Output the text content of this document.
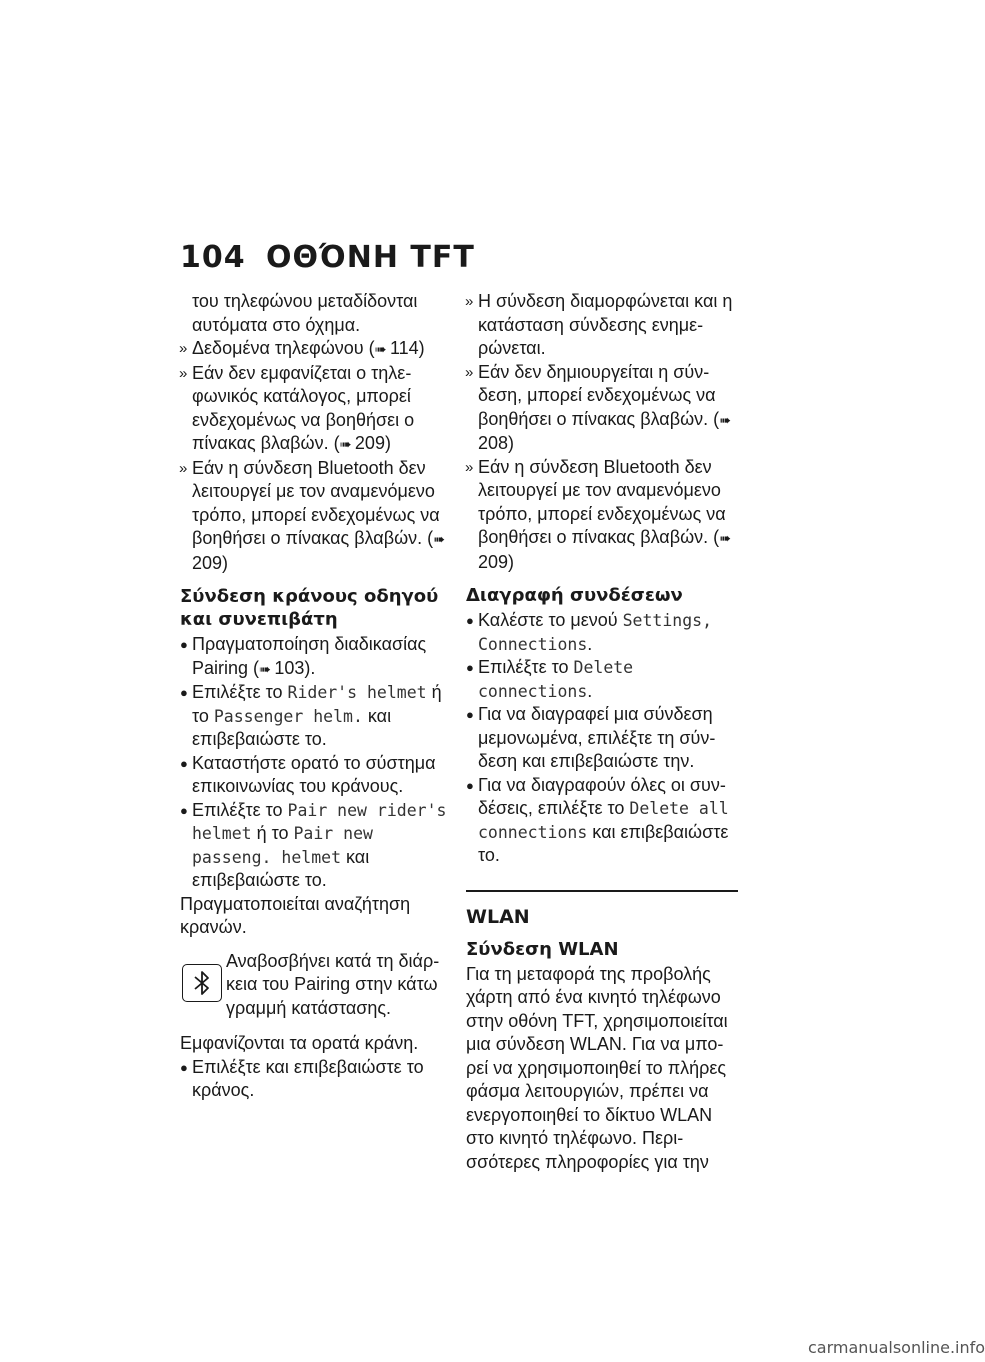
104 ΟΘΌΝΗ TFT

του τηλεφώνου μεταδίδονται αυτόματα στο όχημα.

» Δεδομένα τηλεφώνου (➠  114)
» Εάν δεν εμφανίζεται ο τηλεφωνικός κατάλογος, μπορεί ενδεχομένως να βοηθήσει ο πίνακας βλαβών. (➠  209)
» Εάν η σύνδεση Bluetooth δεν λειτουργεί με τον αναμενόμενο τρόπο, μπορεί ενδεχομένως να βοηθήσει ο πίνακας βλαβών. (➠ 209)
Σύνδεση κράνους οδηγού και συνεπιβάτη
● Πραγματοποίηση διαδικασίας Pairing (➠  103).
● Επιλέξτε το Rider's helmet ή το Passenger helm. και επιβεβαιώστε το.
● Καταστήστε ορατό το σύστημα επικοινωνίας του κράνους.
● Επιλέξτε το Pair new rider's helmet ή το Pair new passeng. helmet και επιβεβαιώστε το.

Πραγματοποιείται αναζήτηση κρανών.

Αναβοσβήνει κατά τη διάρκεια του Pairing στην κάτω γραμμή κατάστασης.

Εμφανίζονται τα ορατά κράνη.

● Επιλέξτε και επιβεβαιώστε το κράνος.
» Η σύνδεση διαμορφώνεται και η κατάσταση σύνδεσης ενημερώνεται.
» Εάν δεν δημιουργείται η σύνδεση, μπορεί ενδεχομένως να βοηθήσει ο πίνακας βλαβών. (➠ 208)
» Εάν η σύνδεση Bluetooth δεν λειτουργεί με τον αναμενόμενο τρόπο, μπορεί ενδεχομένως να βοηθήσει ο πίνακας βλαβών. (➠ 209)
Διαγραφή συνδέσεων
● Καλέστε το μενού Settings, Connections.
● Επιλέξτε το Delete connections.
● Για να διαγραφεί μια σύνδεση μεμονωμένα, επιλέξτε τη σύνδεση και επιβεβαιώστε την.
● Για να διαγραφούν όλες οι συνδέσεις, επιλέξτε το Delete all connections και επιβεβαιώστε το.
WLAN
Σύνδεση WLAN

Για τη μεταφορά της προβολής χάρτη από ένα κινητό τηλέφωνο στην οθόνη TFT, χρησιμοποιείται μια σύνδεση WLAN. Για να μπορεί να χρησιμοποιηθεί το πλήρες φάσμα λειτουργιών, πρέπει να ενεργοποιηθεί το δίκτυο WLAN στο κινητό τηλέφωνο. Περισσότερες πληροφορίες για την

carmanualsonline.info
